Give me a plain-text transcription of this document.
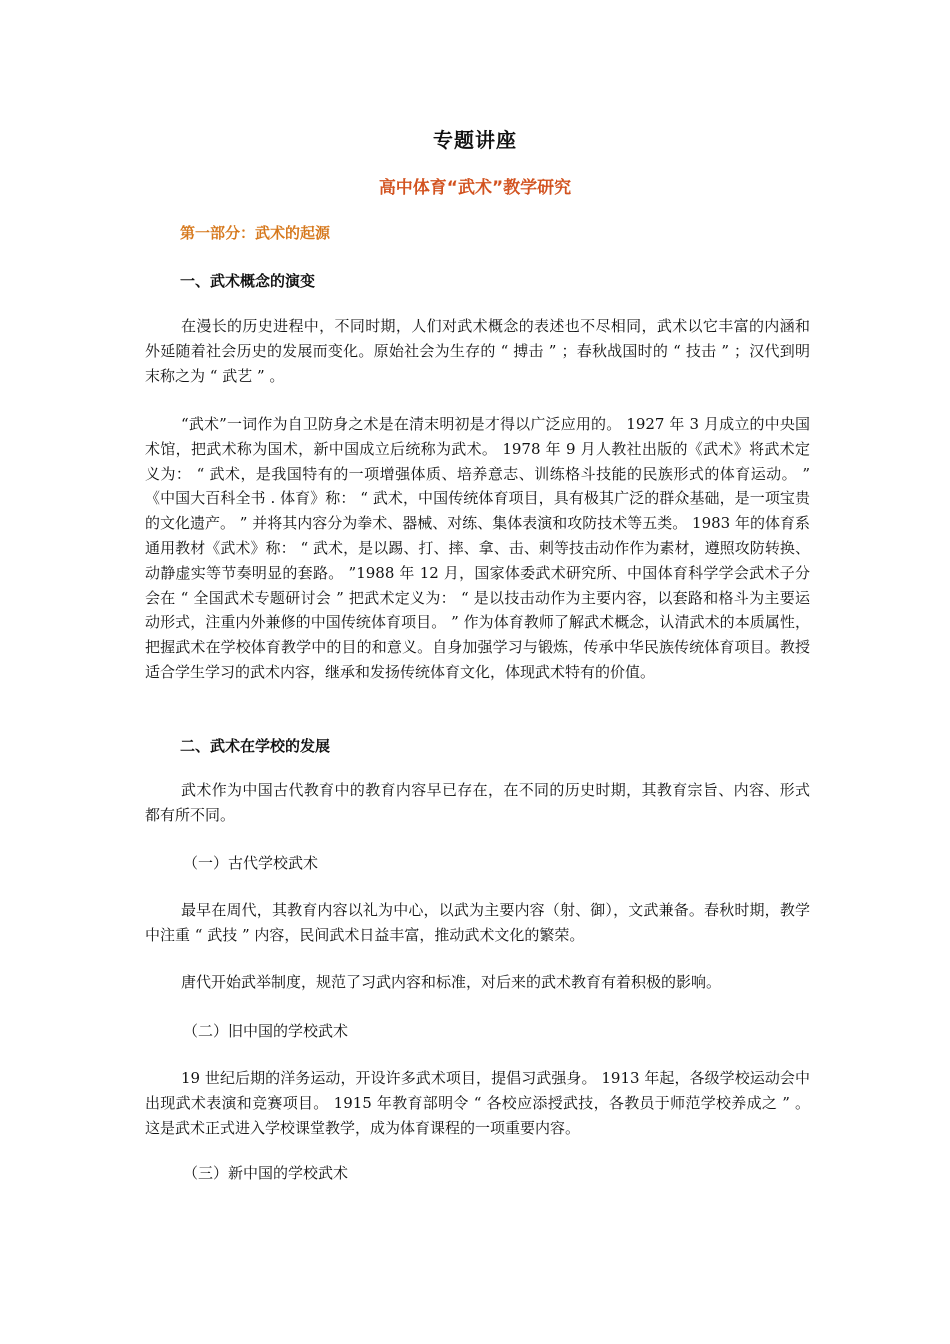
专题讲座
高中体育“武术”教学研究
第一部分：武术的起源
一、武术概念的演变

在漫长的历史进程中，不同时期，人们对武术概念的表述也不尽相同，武术以它丰富的内涵和外延随着社会历史的发展而变化。原始社会为生存的 “ 搏击 ” ；春秋战国时的 “ 技击 ” ；汉代到明末称之为 “ 武艺 ” 。

“武术”一词作为自卫防身之术是在清末明初是才得以广泛应用的。 1927 年 3 月成立的中央国术馆，把武术称为国术，新中国成立后统称为武术。 1978 年 9 月人教社出版的《武术》将武术定义为： “ 武术，是我国特有的一项增强体质、培养意志、训练格斗技能的民族形式的体育运动。 ” 《中国大百科全书 . 体育》称： “ 武术，中国传统体育项目，具有极其广泛的群众基础，是一项宝贵的文化遗产。 ” 并将其内容分为拳术、器械、对练、集体表演和攻防技术等五类。 1983 年的体育系通用教材《武术》称： “ 武术，是以踢、打、摔、拿、击、刺等技击动作作为素材，遵照攻防转换、动静虚实等节奏明显的套路。 ”1988 年 12 月，国家体委武术研究所、中国体育科学学会武术子分会在 “ 全国武术专题研讨会 ” 把武术定义为： “ 是以技击动作为主要内容，以套路和格斗为主要运动形式，注重内外兼修的中国传统体育项目。 ” 作为体育教师了解武术概念，认清武术的本质属性，把握武术在学校体育教学中的目的和意义。自身加强学习与锻炼，传承中华民族传统体育项目。教授适合学生学习的武术内容，继承和发扬传统体育文化，体现武术特有的价值。

二、武术在学校的发展

武术作为中国古代教育中的教育内容早已存在，在不同的历史时期，其教育宗旨、内容、形式都有所不同。

（一）古代学校武术

最早在周代，其教育内容以礼为中心，以武为主要内容（射、御），文武兼备。春秋时期，教学中注重 “ 武技 ” 内容，民间武术日益丰富，推动武术文化的繁荣。

唐代开始武举制度，规范了习武内容和标准，对后来的武术教育有着积极的影响。

（二）旧中国的学校武术

19 世纪后期的洋务运动，开设许多武术项目，提倡习武强身。 1913 年起，各级学校运动会中出现武术表演和竞赛项目。 1915 年教育部明令 “ 各校应添授武技，各教员于师范学校养成之 ” 。这是武术正式进入学校课堂教学，成为体育课程的一项重要内容。

（三）新中国的学校武术
